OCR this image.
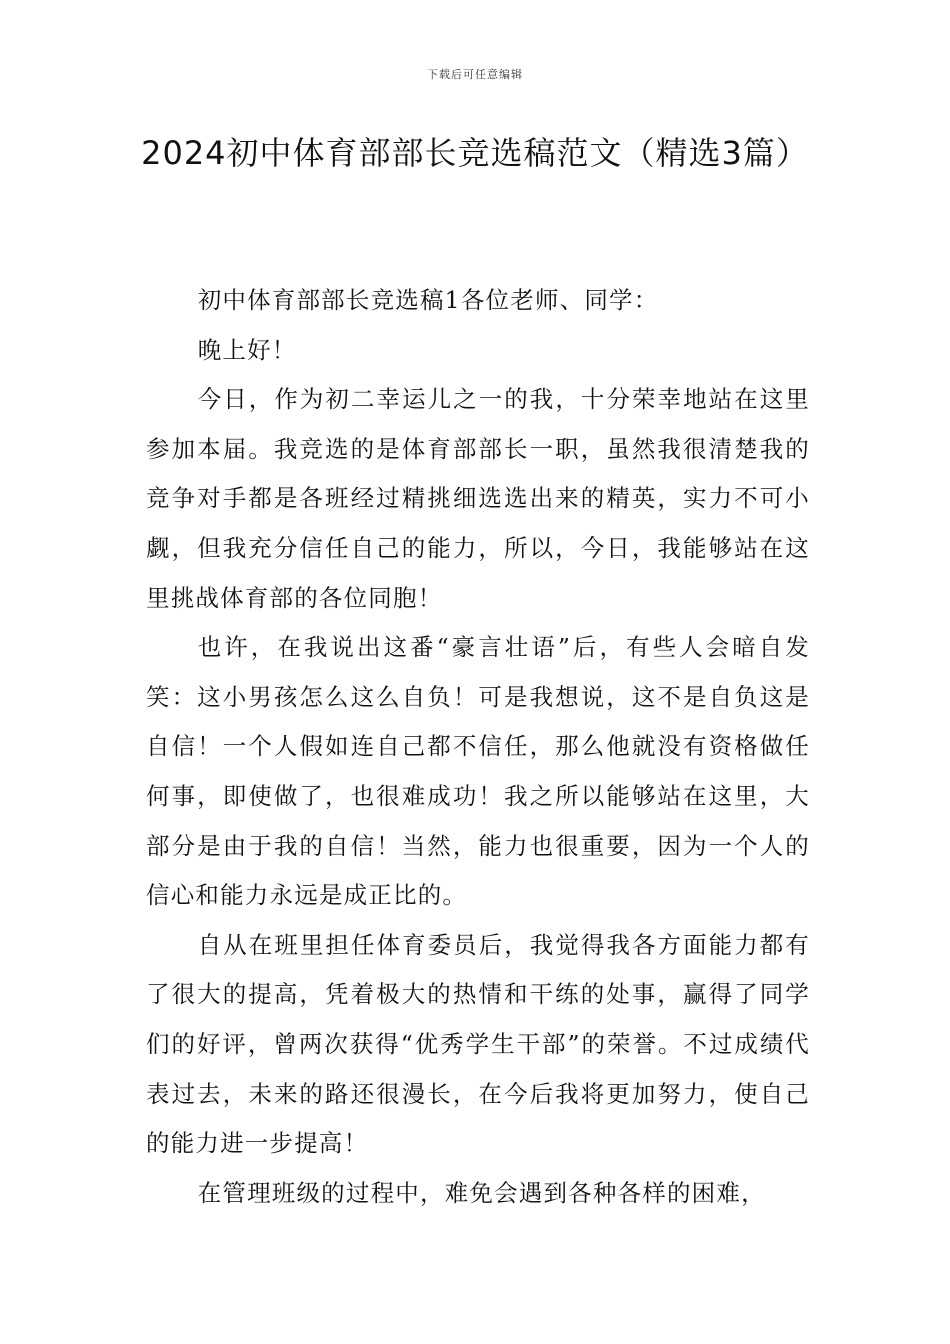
下载后可任意编辑
2024初中体育部部长竞选稿范文（精选3篇）

初中体育部部长竞选稿1各位老师、同学：

晚上好！

今日，作为初二幸运儿之一的我，十分荣幸地站在这里参加本届。我竞选的是体育部部长一职，虽然我很清楚我的竞争对手都是各班经过精挑细选选出来的精英，实力不可小觑，但我充分信任自己的能力，所以，今日，我能够站在这里挑战体育部的各位同胞！

也许，在我说出这番“豪言壮语”后，有些人会暗自发笑：这小男孩怎么这么自负！可是我想说，这不是自负这是自信！一个人假如连自己都不信任，那么他就没有资格做任何事，即使做了，也很难成功！我之所以能够站在这里，大部分是由于我的自信！当然，能力也很重要，因为一个人的信心和能力永远是成正比的。

自从在班里担任体育委员后，我觉得我各方面能力都有了很大的提高，凭着极大的热情和干练的处事，赢得了同学们的好评，曾两次获得“优秀学生干部”的荣誉。不过成绩代表过去，未来的路还很漫长，在今后我将更加努力，使自己的能力进一步提高！

在管理班级的过程中，难免会遇到各种各样的困难，
